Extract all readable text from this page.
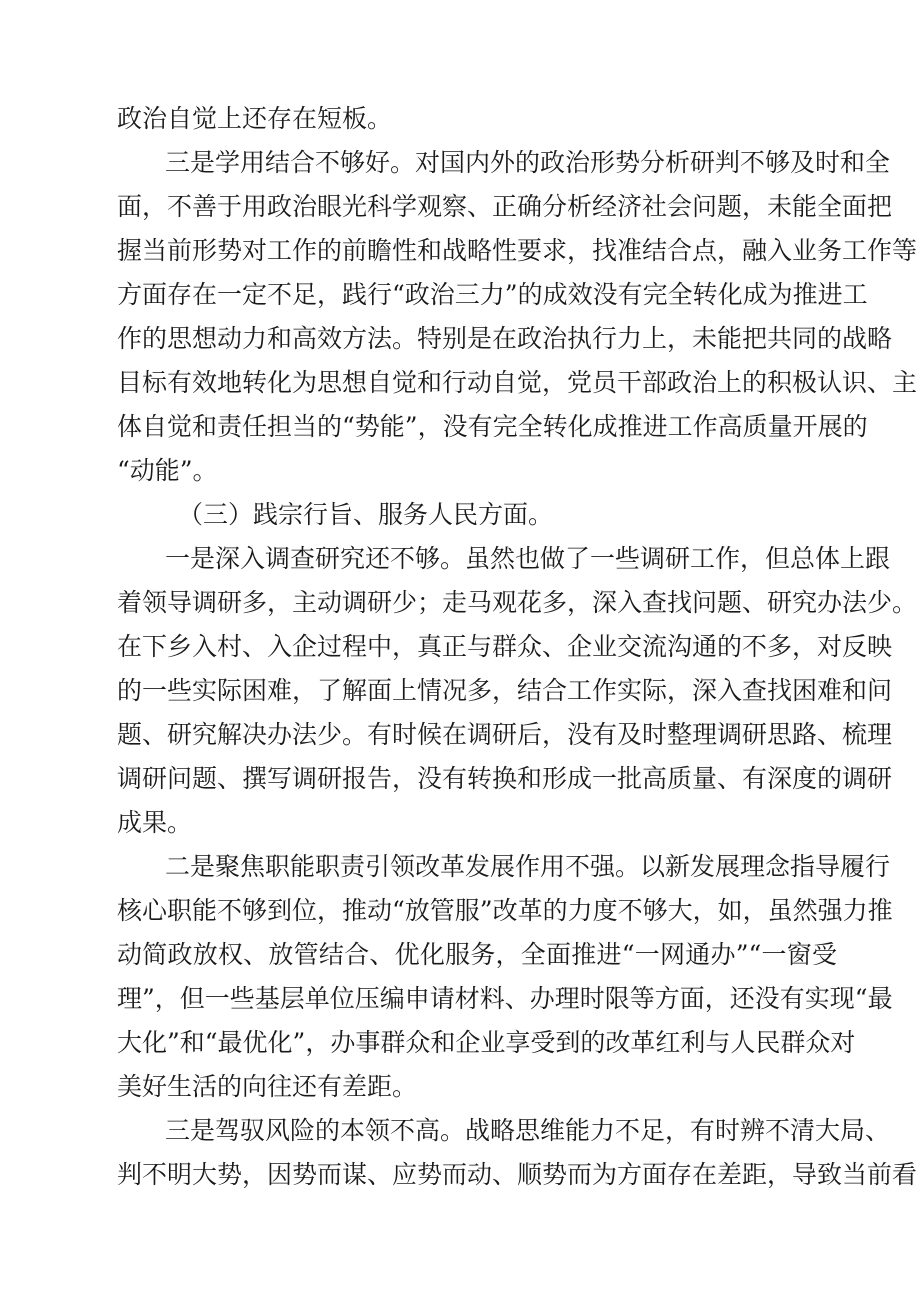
政治自觉上还存在短板。
三是学用结合不够好。对国内外的政治形势分析研判不够及时和全
面，不善于用政治眼光科学观察、正确分析经济社会问题，未能全面把
握当前形势对工作的前瞻性和战略性要求，找准结合点，融入业务工作等
方面存在一定不足，践行“政治三力”的成效没有完全转化成为推进工
作的思想动力和高效方法。特别是在政治执行力上，未能把共同的战略
目标有效地转化为思想自觉和行动自觉，党员干部政治上的积极认识、主
体自觉和责任担当的“势能”，没有完全转化成推进工作高质量开展的
“动能”。
（三）践宗行旨、服务人民方面。
一是深入调查研究还不够。虽然也做了一些调研工作，但总体上跟
着领导调研多，主动调研少；走马观花多，深入查找问题、研究办法少。
在下乡入村、入企过程中，真正与群众、企业交流沟通的不多，对反映
的一些实际困难，了解面上情况多，结合工作实际，深入查找困难和问
题、研究解决办法少。有时候在调研后，没有及时整理调研思路、梳理
调研问题、撰写调研报告，没有转换和形成一批高质量、有深度的调研
成果。
二是聚焦职能职责引领改革发展作用不强。以新发展理念指导履行
核心职能不够到位，推动“放管服”改革的力度不够大，如，虽然强力推
动简政放权、放管结合、优化服务，全面推进“一网通办”“一窗受
理”，但一些基层单位压编申请材料、办理时限等方面，还没有实现“最
大化”和“最优化”，办事群众和企业享受到的改革红利与人民群众对
美好生活的向往还有差距。
三是驾驭风险的本领不高。战略思维能力不足，有时辨不清大局、
判不明大势，因势而谋、应势而动、顺势而为方面存在差距，导致当前看
